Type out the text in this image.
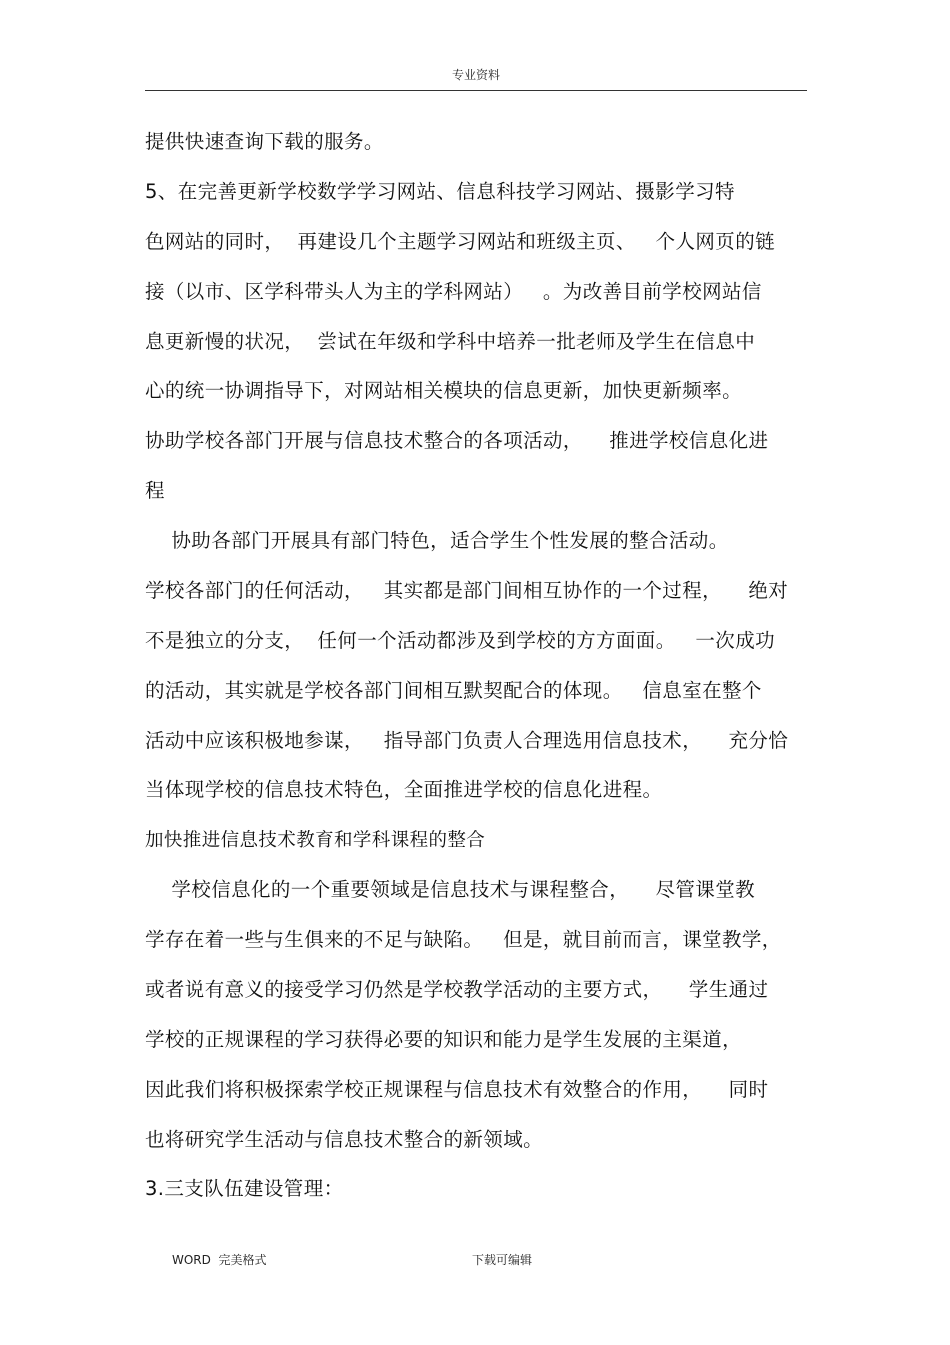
专业资料
提供快速查询下载的服务。
5、在完善更新学校数学学习网站、信息科技学习网站、摄影学习特
色网站的同时，  再建设几个主题学习网站和班级主页、   个人网页的链
接（以市、区学科带头人为主的学科网站）   。为改善目前学校网站信
息更新慢的状况，  尝试在年级和学科中培养一批老师及学生在信息中
心的统一协调指导下，对网站相关模块的信息更新，加快更新频率。
协助学校各部门开展与信息技术整合的各项活动，    推进学校信息化进
程
协助各部门开展具有部门特色，适合学生个性发展的整合活动。
学校各部门的任何活动，   其实都是部门间相互协作的一个过程，    绝对
不是独立的分支，  任何一个活动都涉及到学校的方方面面。   一次成功
的活动，其实就是学校各部门间相互默契配合的体现。   信息室在整个
活动中应该积极地参谋，   指导部门负责人合理选用信息技术，    充分恰
当体现学校的信息技术特色，全面推进学校的信息化进程。
加快推进信息技术教育和学科课程的整合
学校信息化的一个重要领域是信息技术与课程整合，    尽管课堂教
学存在着一些与生俱来的不足与缺陷。   但是，就目前而言，课堂教学，
或者说有意义的接受学习仍然是学校教学活动的主要方式，    学生通过
学校的正规课程的学习获得必要的知识和能力是学生发展的主渠道，
因此我们将积极探索学校正规课程与信息技术有效整合的作用，    同时
也将研究学生活动与信息技术整合的新领域。
3.三支队伍建设管理：
WORD  完美格式	下载可编辑
